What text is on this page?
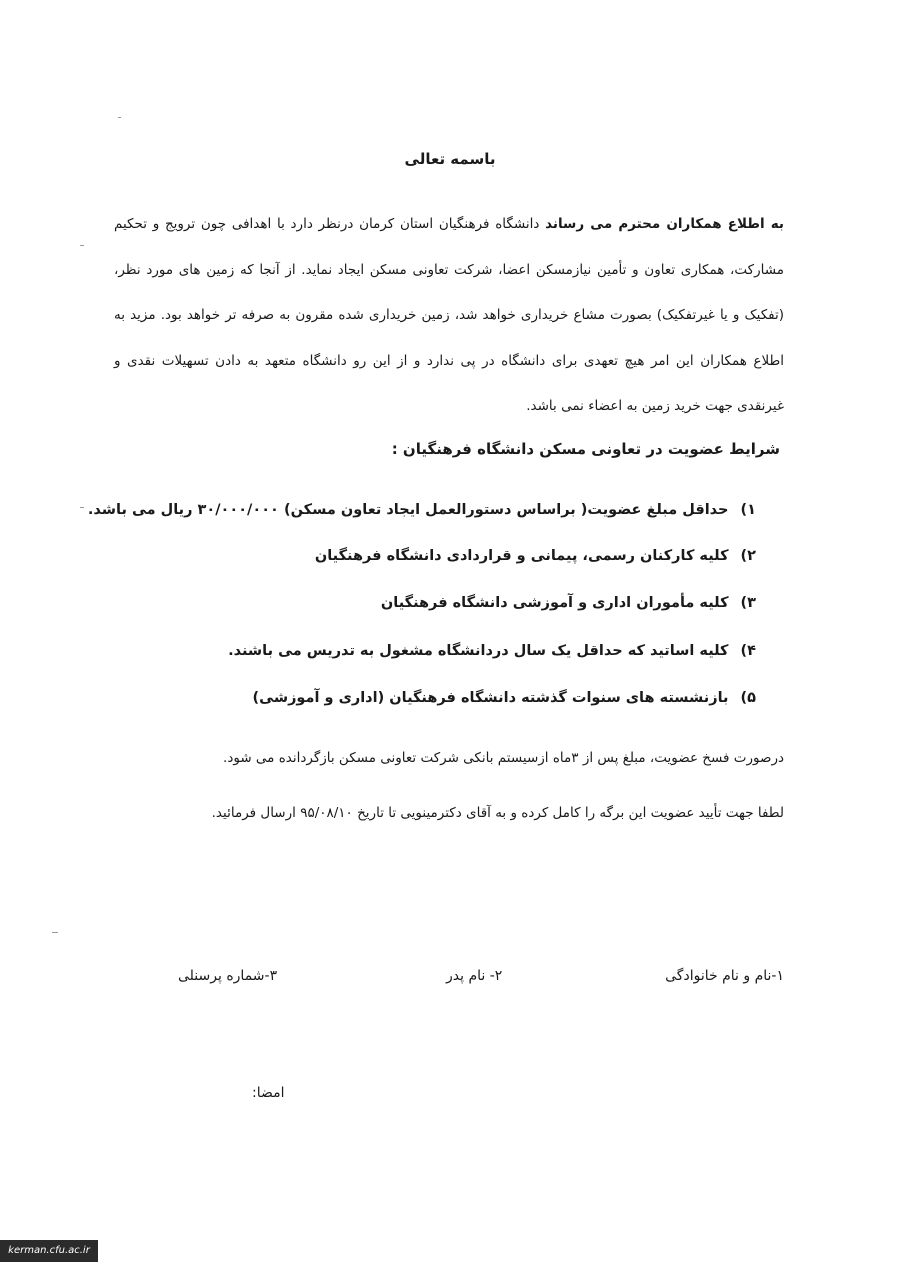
باسمه تعالی
به اطلاع همکاران محترم می رساند دانشگاه فرهنگیان استان کرمان درنظر دارد با اهدافی چون ترویج و تحکیم مشارکت، همکاری تعاون و تأمین نیازمسکن اعضا، شرکت تعاونی مسکن ایجاد نماید. از آنجا که زمین های مورد نظر، (تفکیک و یا غیرتفکیک) بصورت مشاع خریداری خواهد شد، زمین خریداری شده مقرون به صرفه تر خواهد بود. مزید به اطلاع همکاران این امر هیچ تعهدی برای دانشگاه در پی ندارد و از این رو دانشگاه متعهد به دادن تسهیلات نقدی و غیرنقدی جهت خرید زمین به اعضاء نمی باشد.
شرایط عضویت در تعاونی مسکن دانشگاه فرهنگیان :
۱)حداقل مبلغ عضویت( براساس دستورالعمل ایجاد تعاون مسکن) ۳۰/۰۰۰/۰۰۰ ریال می باشد.
۲)کلیه کارکنان رسمی، پیمانی و قراردادی دانشگاه فرهنگیان
۳)کلیه مأموران اداری و آموزشی دانشگاه فرهنگیان
۴)کلیه اساتید که حداقل یک سال دردانشگاه مشغول به تدریس می باشند.
۵)بازنشسته های سنوات گذشته دانشگاه فرهنگیان (اداری و آموزشی)
درصورت فسخ عضویت، مبلغ پس از ۳ماه ازسیستم بانکی شرکت تعاونی مسکن بازگردانده می شود.
لطفا جهت تأیید عضویت این برگه را کامل کرده و به آقای دکترمینویی تا تاریخ ۹۵/۰۸/۱۰ ارسال فرمائید.
۱-نام و نام خانوادگی
۲- نام پدر
۳-شماره پرسنلی
امضا:
kerman.cfu.ac.ir
